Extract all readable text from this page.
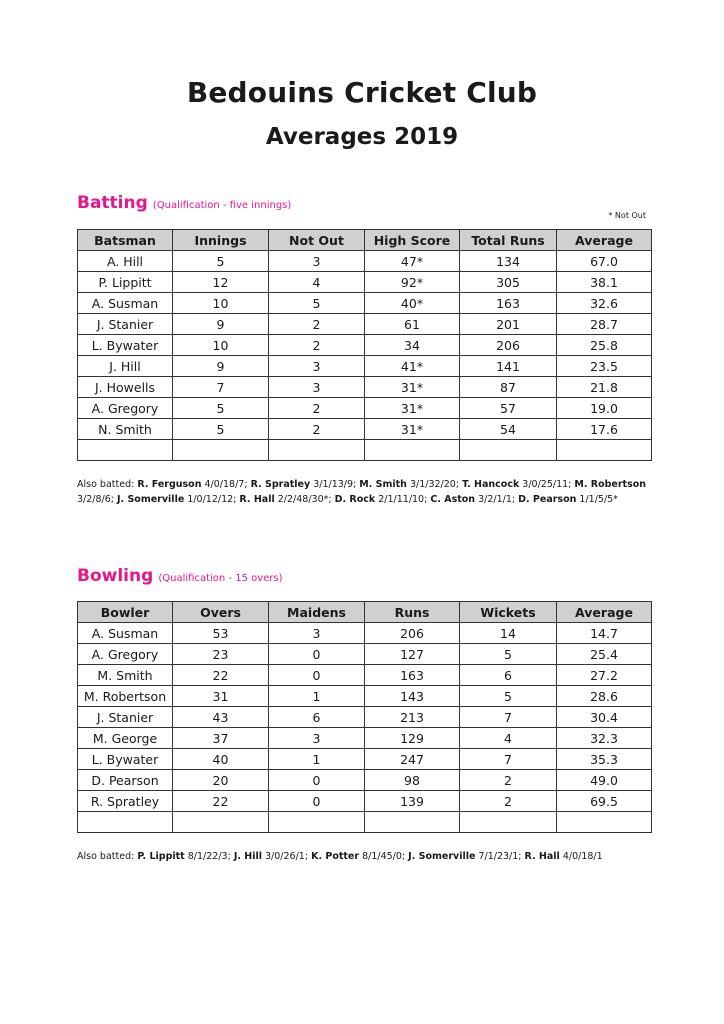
Bedouins Cricket Club
Averages 2019
Batting (Qualification - five innings)
* Not Out
Batsman	Innings	Not Out	High Score	Total Runs	Average
A. Hill	5	3	47*	134	67.0
P. Lippitt	12	4	92*	305	38.1
A. Susman	10	5	40*	163	32.6
J. Stanier	9	2	61	201	28.7
L. Bywater	10	2	34	206	25.8
J. Hill	9	3	41*	141	23.5
J. Howells	7	3	31*	87	21.8
A. Gregory	5	2	31*	57	19.0
N. Smith	5	2	31*	54	17.6

Also batted: R. Ferguson 4/0/18/7; R. Spratley 3/1/13/9; M. Smith 3/1/32/20; T. Hancock 3/0/25/11; M. Robertson 3/2/8/6; J. Somerville 1/0/12/12; R. Hall 2/2/48/30*; D. Rock 2/1/11/10; C. Aston 3/2/1/1; D. Pearson 1/1/5/5*

Bowling (Qualification - 15 overs)
Bowler	Overs	Maidens	Runs	Wickets	Average
A. Susman	53	3	206	14	14.7
A. Gregory	23	0	127	5	25.4
M. Smith	22	0	163	6	27.2
M. Robertson	31	1	143	5	28.6
J. Stanier	43	6	213	7	30.4
M. George	37	3	129	4	32.3
L. Bywater	40	1	247	7	35.3
D. Pearson	20	0	98	2	49.0
R. Spratley	22	0	139	2	69.5

Also batted: P. Lippitt 8/1/22/3; J. Hill 3/0/26/1; K. Potter 8/1/45/0; J. Somerville 7/1/23/1; R. Hall 4/0/18/1
